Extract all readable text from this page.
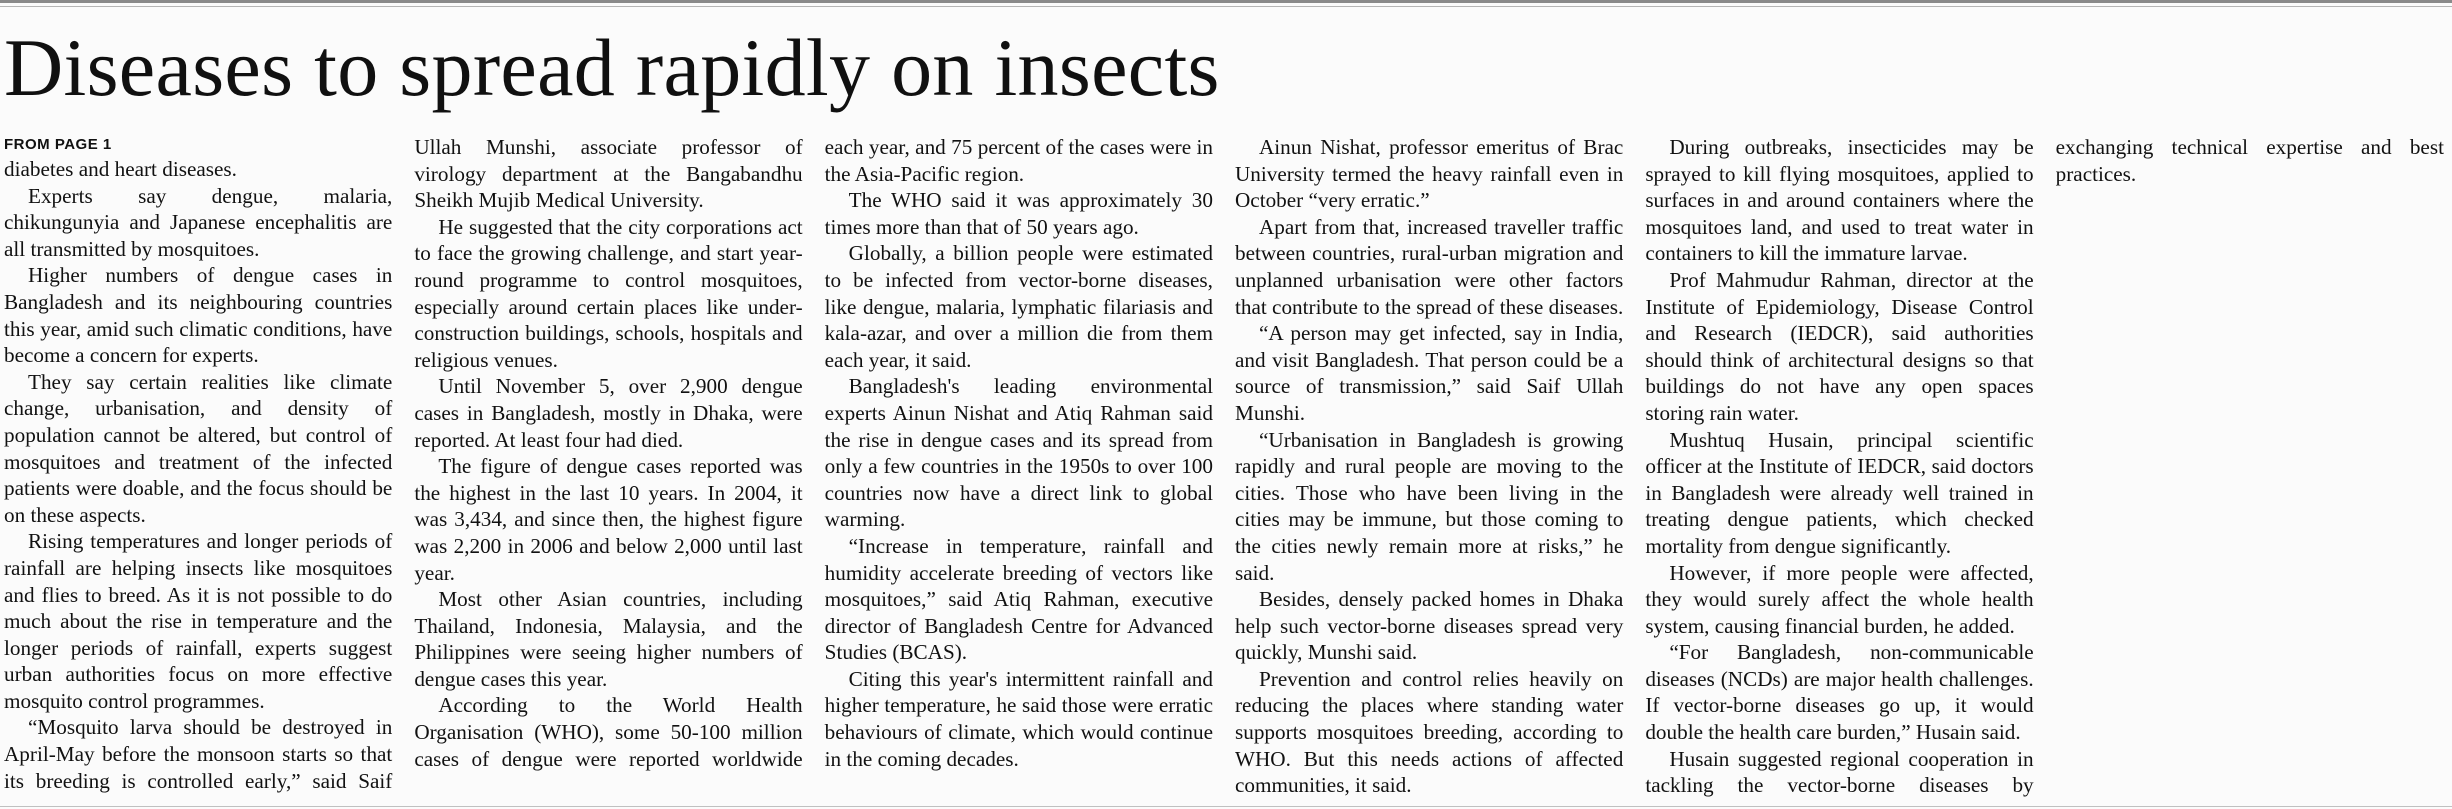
Diseases to spread rapidly on insects
FROM PAGE 1

diabetes and heart diseases.

Experts say dengue, malaria, chikungunyia and Japanese encephalitis are all transmitted by mosquitoes.

Higher numbers of dengue cases in Bangladesh and its neighbouring countries this year, amid such climatic conditions, have become a concern for experts.

They say certain realities like climate change, urbanisation, and density of population cannot be altered, but control of mosquitoes and treatment of the infected patients were doable, and the focus should be on these aspects.

Rising temperatures and longer periods of rainfall are helping insects like mosquitoes and flies to breed. As it is not possible to do much about the rise in temperature and the longer periods of rainfall, experts suggest urban authorities focus on more effective mosquito control programmes.

“Mosquito larva should be destroyed in April-May before the monsoon starts so that its breeding is controlled early,” said Saif Ullah Munshi, associate professor of virology department at the Bangabandhu Sheikh Mujib Medical University.

He suggested that the city corporations act to face the growing challenge, and start year-round programme to control mosquitoes, especially around certain places like under-construction buildings, schools, hospitals and religious venues.

Until November 5, over 2,900 dengue cases in Bangladesh, mostly in Dhaka, were reported. At least four had died.

The figure of dengue cases reported was the highest in the last 10 years. In 2004, it was 3,434, and since then, the highest figure was 2,200 in 2006 and below 2,000 until last year.

Most other Asian countries, including Thailand, Indonesia, Malaysia, and the Philippines were seeing higher numbers of dengue cases this year.

According to the World Health Organisation (WHO), some 50-100 million cases of dengue were reported worldwide each year, and 75 percent of the cases were in the Asia-Pacific region.

The WHO said it was approximately 30 times more than that of 50 years ago.

Globally, a billion people were estimated to be infected from vector-borne diseases, like dengue, malaria, lymphatic filariasis and kala-azar, and over a million die from them each year, it said.

Bangladesh's leading environmental experts Ainun Nishat and Atiq Rahman said the rise in dengue cases and its spread from only a few countries in the 1950s to over 100 countries now have a direct link to global warming.

“Increase in temperature, rainfall and humidity accelerate breeding of vectors like mosquitoes,” said Atiq Rahman, executive director of Bangladesh Centre for Advanced Studies (BCAS).

Citing this year's intermittent rainfall and higher temperature, he said those were erratic behaviours of climate, which would continue in the coming decades.

Ainun Nishat, professor emeritus of Brac University termed the heavy rainfall even in October “very erratic.”

Apart from that, increased traveller traffic between countries, rural-urban migration and unplanned urbanisation were other factors that contribute to the spread of these diseases.

“A person may get infected, say in India, and visit Bangladesh. That person could be a source of transmission,” said Saif Ullah Munshi.

“Urbanisation in Bangladesh is growing rapidly and rural people are moving to the cities. Those who have been living in the cities may be immune, but those coming to the cities newly remain more at risks,” he said.

Besides, densely packed homes in Dhaka help such vector-borne diseases spread very quickly, Munshi said.

Prevention and control relies heavily on reducing the places where standing water supports mosquitoes breeding, according to WHO. But this needs actions of affected communities, it said.

During outbreaks, insecticides may be sprayed to kill flying mosquitoes, applied to surfaces in and around containers where the mosquitoes land, and used to treat water in containers to kill the immature larvae.

Prof Mahmudur Rahman, director at the Institute of Epidemiology, Disease Control and Research (IEDCR), said authorities should think of architectural designs so that buildings do not have any open spaces storing rain water.

Mushtuq Husain, principal scientific officer at the Institute of IEDCR, said doctors in Bangladesh were already well trained in treating dengue patients, which checked mortality from dengue significantly.

However, if more people were affected, they would surely affect the whole health system, causing financial burden, he added.

“For Bangladesh, non-communicable diseases (NCDs) are major health challenges. If vector-borne diseases go up, it would double the health care burden,” Husain said.

Husain suggested regional cooperation in tackling the vector-borne diseases by exchanging technical expertise and best practices.
